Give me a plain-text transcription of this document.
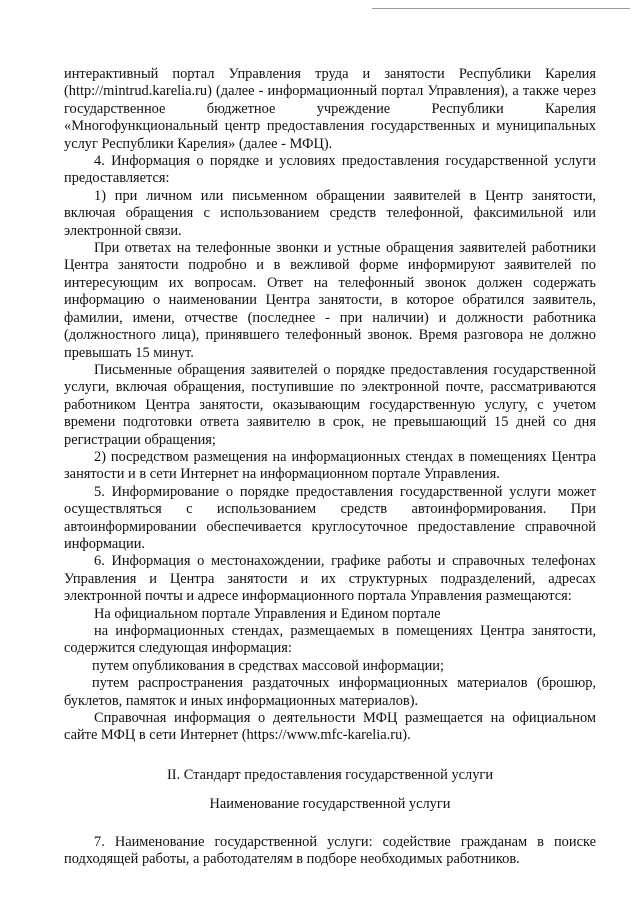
интерактивный портал Управления труда и занятости Республики Карелия (http://mintrud.karelia.ru) (далее - информационный портал Управления), а также через государственное бюджетное учреждение Республики Карелия «Многофункциональный центр предоставления государственных и муниципальных услуг Республики Карелия» (далее - МФЦ).

4. Информация о порядке и условиях предоставления государственной услуги предоставляется:

1) при личном или письменном обращении заявителей в Центр занятости, включая обращения с использованием средств телефонной, факсимильной или электронной связи.

При ответах на телефонные звонки и устные обращения заявителей работники Центра занятости подробно и в вежливой форме информируют заявителей по интересующим их вопросам. Ответ на телефонный звонок должен содержать информацию о наименовании Центра занятости, в которое обратился заявитель, фамилии, имени, отчестве (последнее - при наличии) и должности работника (должностного лица), принявшего телефонный звонок. Время разговора не должно превышать 15 минут.

Письменные обращения заявителей о порядке предоставления государственной услуги, включая обращения, поступившие по электронной почте, рассматриваются работником Центра занятости, оказывающим государственную услугу, с учетом времени подготовки ответа заявителю в срок, не превышающий 15 дней со дня регистрации обращения;

2) посредством размещения на информационных стендах в помещениях Центра занятости и в сети Интернет на информационном портале Управления.

5. Информирование о порядке предоставления государственной услуги может осуществляться с использованием средств автоинформирования. При автоинформировании обеспечивается круглосуточное предоставление справочной информации.

6. Информация о местонахождении, графике работы и справочных телефонах Управления и Центра занятости и их структурных подразделений, адресах электронной почты и адресе информационного портала Управления размещаются:

На официальном портале Управления и Едином портале

на информационных стендах, размещаемых в помещениях Центра занятости, содержится следующая информация:

путем опубликования в средствах массовой информации;

путем распространения раздаточных информационных материалов (брошюр, буклетов, памяток и иных информационных материалов).

Справочная информация о деятельности МФЦ размещается на официальном сайте МФЦ в сети Интернет (https://www.mfc-karelia.ru).

II. Стандарт предоставления государственной услуги

Наименование государственной услуги

7. Наименование государственной услуги: содействие гражданам в поиске подходящей работы, а работодателям в подборе необходимых работников.
